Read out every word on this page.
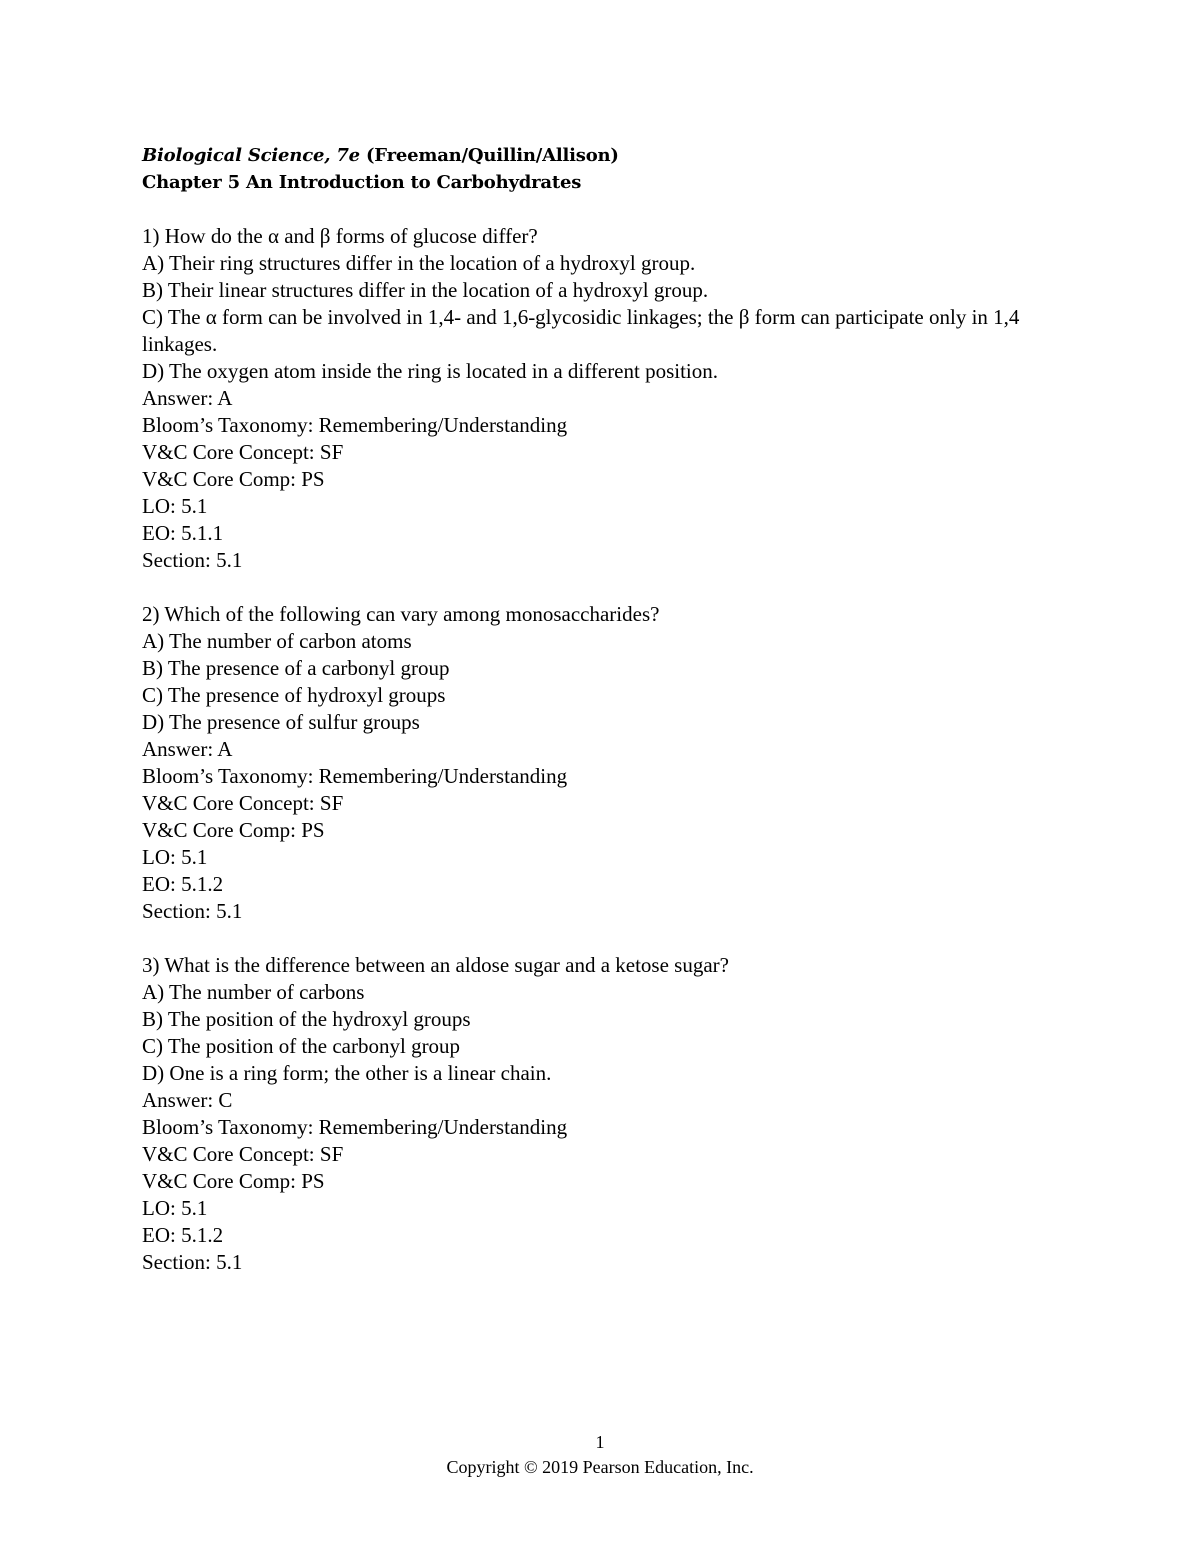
Biological Science, 7e (Freeman/Quillin/Allison)
Chapter 5 An Introduction to Carbohydrates
1) How do the α and β forms of glucose differ?
A) Their ring structures differ in the location of a hydroxyl group.
B) Their linear structures differ in the location of a hydroxyl group.
C) The α form can be involved in 1,4- and 1,6-glycosidic linkages; the β form can participate only in 1,4 linkages.
D) The oxygen atom inside the ring is located in a different position.
Answer: A
Bloom’s Taxonomy: Remembering/Understanding
V&C Core Concept: SF
V&C Core Comp: PS
LO: 5.1
EO: 5.1.1
Section: 5.1
2) Which of the following can vary among monosaccharides?
A) The number of carbon atoms
B) The presence of a carbonyl group
C) The presence of hydroxyl groups
D) The presence of sulfur groups
Answer: A
Bloom’s Taxonomy: Remembering/Understanding
V&C Core Concept: SF
V&C Core Comp: PS
LO: 5.1
EO: 5.1.2
Section: 5.1
3) What is the difference between an aldose sugar and a ketose sugar?
A) The number of carbons
B) The position of the hydroxyl groups
C) The position of the carbonyl group
D) One is a ring form; the other is a linear chain.
Answer: C
Bloom’s Taxonomy: Remembering/Understanding
V&C Core Concept: SF
V&C Core Comp: PS
LO: 5.1
EO: 5.1.2
Section: 5.1
1
Copyright © 2019 Pearson Education, Inc.
